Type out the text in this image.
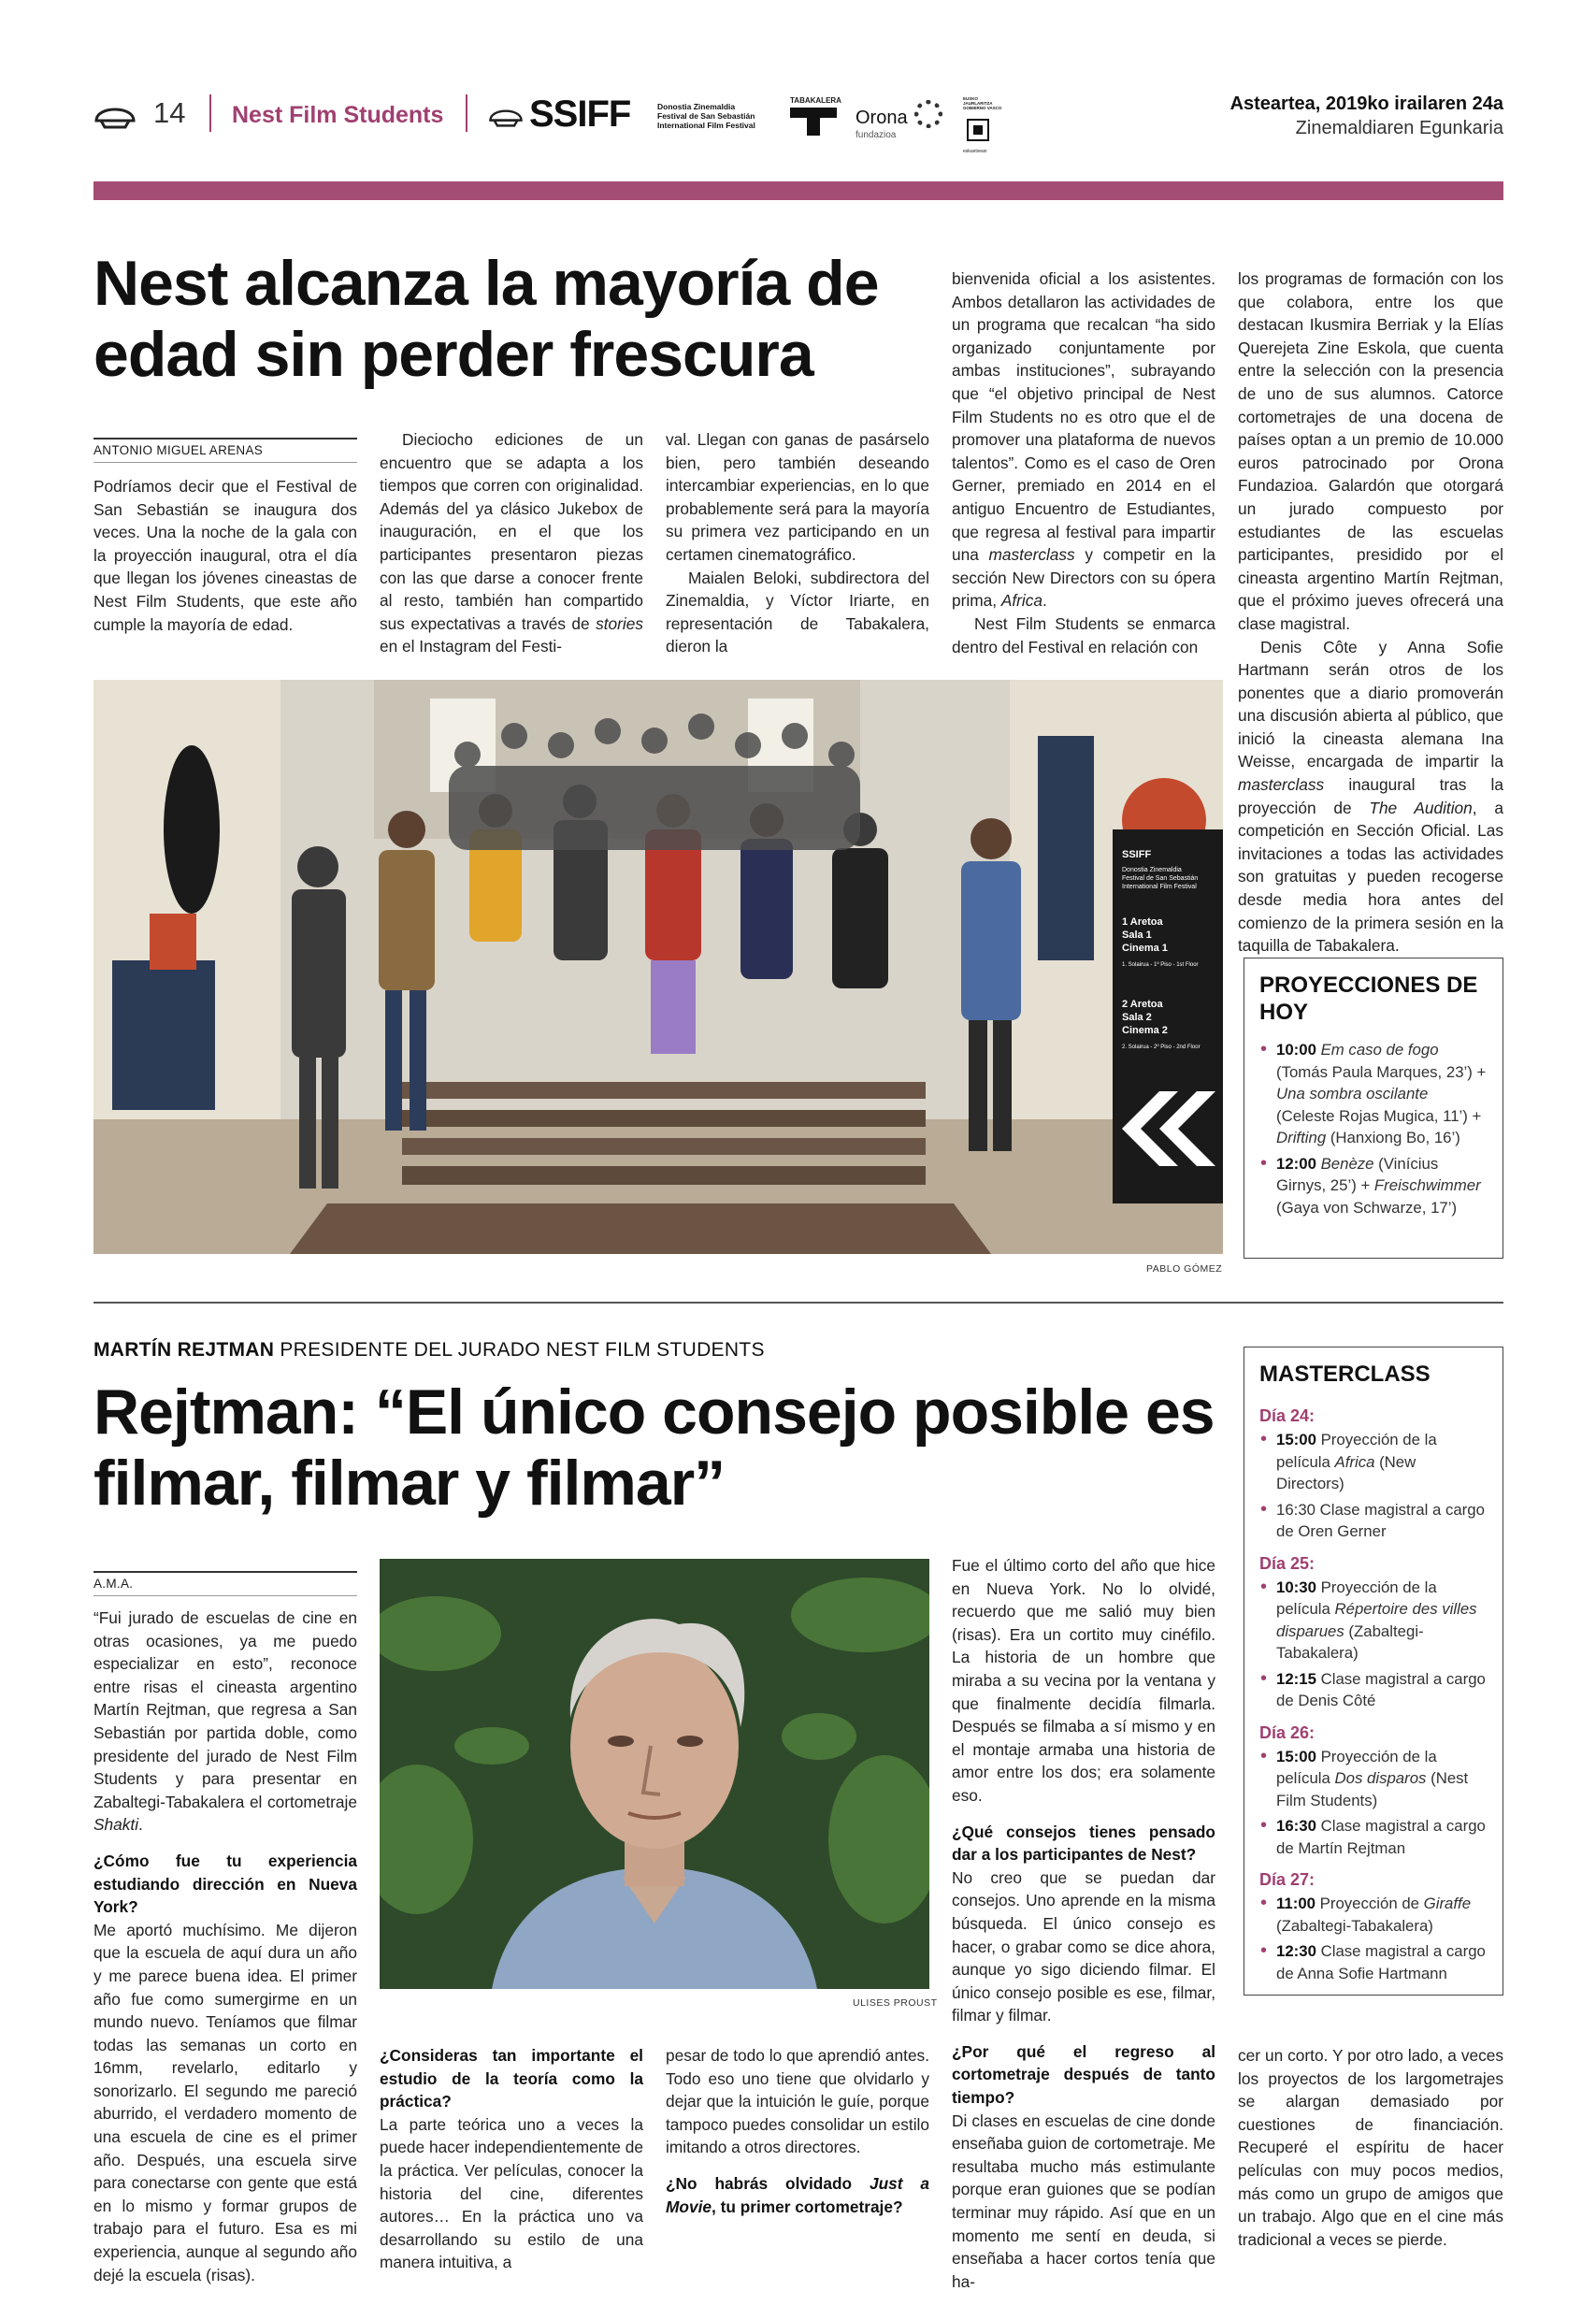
14 Nest Film Students SSIFF	Donostia Zinemaldia
Festival de San Sebastián
International Film Festival
TABAKALERA
Orona
fundazioa
EUSKO JAURLARITZA
GOBIERNO VASCO
eskuetxean
Asteartea, 2019ko irailaren 24a
Zinemaldiaren Egunkaria
Nest alcanza la mayoría de edad sin perder frescura
ANTONIO MIGUEL ARENAS

Podríamos decir que el Festival de San Sebastián se inaugura dos veces. Una la noche de la gala con la proyección inaugural, otra el día que llegan los jóvenes cineastas de Nest Film Students, que este año cumple la mayoría de edad.

Dieciocho ediciones de un encuentro que se adapta a los tiempos que corren con originalidad. Además del ya clásico Jukebox de inauguración, en el que los participantes presentaron piezas con las que darse a conocer frente al resto, también han compartido sus expectativas a través de stories en el Instagram del Festi-

val. Llegan con ganas de pasárselo bien, pero también deseando intercambiar experiencias, en lo que probablemente será para la mayoría su primera vez participando en un certamen cinematográfico.

Maialen Beloki, subdirectora del Zinemaldia, y Víctor Iriarte, en representación de Tabakalera, dieron la

bienvenida oficial a los asistentes. Ambos detallaron las actividades de un programa que recalcan “ha sido organizado conjuntamente por ambas instituciones”, subrayando que “el objetivo principal de Nest Film Students no es otro que el de promover una plataforma de nuevos talentos”. Como es el caso de Oren Gerner, premiado en 2014 en el antiguo Encuentro de Estudiantes, que regresa al festival para impartir una masterclass y competir en la sección New Directors con su ópera prima, Africa.

Nest Film Students se enmarca dentro del Festival en relación con

los programas de formación con los que colabora, entre los que destacan Ikusmira Berriak y la Elías Querejeta Zine Eskola, que cuenta entre la selección con la presencia de uno de sus alumnos. Catorce cortometrajes de una docena de países optan a un premio de 10.000 euros patrocinado por Orona Fundazioa. Galardón que otorgará un jurado compuesto por estudiantes de las escuelas participantes, presidido por el cineasta argentino Martín Rejtman, que el próximo jueves ofrecerá una clase magistral.

Denis Côte y Anna Sofie Hartmann serán otros de los ponentes que a diario promoverán una discusión abierta al público, que inició la cineasta alemana Ina Weisse, encargada de impartir la masterclass inaugural tras la proyección de The Audition, a competición en Sección Oficial. Las invitaciones a todas las actividades son gratuitas y pueden recogerse desde media hora antes del comienzo de la primera sesión en la taquilla de Tabakalera.

SSIFF
Donostia Zinemaldia
Festival de San Sebastián
International Film Festival
1 Aretoa
Sala 1
Cinema 1
1. Solairua - 1º Piso - 1st Floor
2 Aretoa
Sala 2
Cinema 2
2. Solairua - 2º Piso - 2nd Floor
PABLO GÓMEZ
PROYECCIONES DE HOY
• 10:00 Em caso de fogo (Tomás Paula Marques, 23’) + Una sombra oscilante (Celeste Rojas Mugica, 11’) + Drifting (Hanxiong Bo, 16’)
• 12:00 Benèze (Vinícius Girnys, 25’) + Freischwimmer (Gaya von Schwarze, 17’)
MARTÍN REJTMAN PRESIDENTE DEL JURADO NEST FILM STUDENTS
Rejtman: “El único consejo posible es filmar, filmar y filmar”
A.M.A.

“Fui jurado de escuelas de cine en otras ocasiones, ya me puedo especializar en esto”, reconoce entre risas el cineasta argentino Martín Rejtman, que regresa a San Sebastián por partida doble, como presidente del jurado de Nest Film Students y para presentar en Zabaltegi-Tabakalera el cortometraje Shakti.

¿Cómo fue tu experiencia estudiando dirección en Nueva York?

Me aportó muchísimo. Me dijeron que la escuela de aquí dura un año y me parece buena idea. El primer año fue como sumergirme en un mundo nuevo. Teníamos que filmar todas las semanas un corto en 16mm, revelarlo, editarlo y sonorizarlo. El segundo me pareció aburrido, el verdadero momento de una escuela de cine es el primer año. Después, una escuela sirve para conectarse con gente que está en lo mismo y formar grupos de trabajo para el futuro. Esa es mi experiencia, aunque al segundo año dejé la escuela (risas).

ULISES PROUST

¿Consideras tan importante el estudio de la teoría como la práctica?

La parte teórica uno a veces la puede hacer independientemente de la práctica. Ver películas, conocer la historia del cine, diferentes autores… En la práctica uno va desarrollando su estilo de una manera intuitiva, a

pesar de todo lo que aprendió antes. Todo eso uno tiene que olvidarlo y dejar que la intuición le guíe, porque tampoco puedes consolidar un estilo imitando a otros directores.

¿No habrás olvidado Just a Movie, tu primer cortometraje?

Fue el último corto del año que hice en Nueva York. No lo olvidé, recuerdo que me salió muy bien (risas). Era un cortito muy cinéfilo. La historia de un hombre que miraba a su vecina por la ventana y que finalmente decidía filmarla. Después se filmaba a sí mismo y en el montaje armaba una historia de amor entre los dos; era solamente eso.

¿Qué consejos tienes pensado dar a los participantes de Nest?

No creo que se puedan dar consejos. Uno aprende en la misma búsqueda. El único consejo es hacer, o grabar como se dice ahora, aunque yo sigo diciendo filmar. El único consejo posible es ese, filmar, filmar y filmar.

¿Por qué el regreso al cortometraje después de tanto tiempo?

Di clases en escuelas de cine donde enseñaba guion de cortometraje. Me resultaba mucho más estimulante porque eran guiones que se podían terminar muy rápido. Así que en un momento me sentí en deuda, si enseñaba a hacer cortos tenía que ha-

cer un corto. Y por otro lado, a veces los proyectos de los largometrajes se alargan demasiado por cuestiones de financiación. Recuperé el espíritu de hacer películas con muy pocos medios, más como un grupo de amigos que un trabajo. Algo que en el cine más tradicional a veces se pierde.

MASTERCLASS
Día 24:
• 15:00 Proyección de la película Africa (New Directors)
• 16:30 Clase magistral a cargo de Oren Gerner
Día 25:
• 10:30 Proyección de la película Répertoire des villes disparues (Zabaltegi-Tabakalera)
• 12:15 Clase magistral a cargo de Denis Côté
Día 26:
• 15:00 Proyección de la película Dos disparos (Nest Film Students)
• 16:30 Clase magistral a cargo de Martín Rejtman
Día 27:
• 11:00 Proyección de Giraffe (Zabaltegi-Tabakalera)
• 12:30 Clase magistral a cargo de Anna Sofie Hartmann
